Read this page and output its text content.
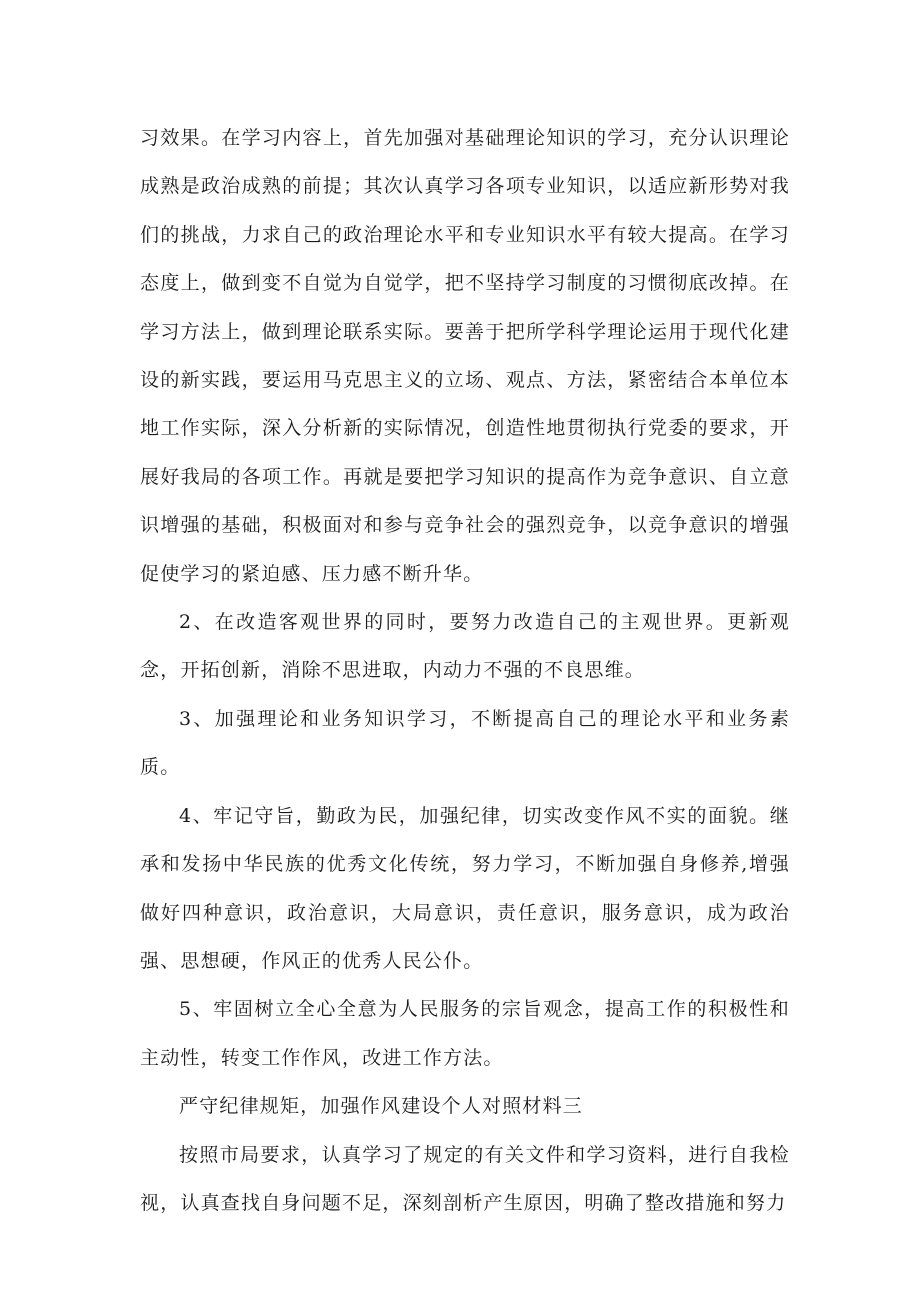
习效果。在学习内容上，首先加强对基础理论知识的学习，充分认识理论成熟是政治成熟的前提；其次认真学习各项专业知识，以适应新形势对我们的挑战，力求自己的政治理论水平和专业知识水平有较大提高。在学习态度上，做到变不自觉为自觉学，把不坚持学习制度的习惯彻底改掉。在学习方法上，做到理论联系实际。要善于把所学科学理论运用于现代化建设的新实践，要运用马克思主义的立场、观点、方法，紧密结合本单位本地工作实际，深入分析新的实际情况，创造性地贯彻执行党委的要求，开展好我局的各项工作。再就是要把学习知识的提高作为竞争意识、自立意识增强的基础，积极面对和参与竞争社会的强烈竞争，以竞争意识的增强促使学习的紧迫感、压力感不断升华。

2、在改造客观世界的同时，要努力改造自己的主观世界。更新观念，开拓创新，消除不思进取，内动力不强的不良思维。

3、加强理论和业务知识学习，不断提高自己的理论水平和业务素质。

4、牢记守旨，勤政为民，加强纪律，切实改变作风不实的面貌。继承和发扬中华民族的优秀文化传统，努力学习，不断加强自身修养,增强做好四种意识，政治意识，大局意识，责任意识，服务意识，成为政治强、思想硬，作风正的优秀人民公仆。

5、牢固树立全心全意为人民服务的宗旨观念，提高工作的积极性和主动性，转变工作作风，改进工作方法。

严守纪律规矩，加强作风建设个人对照材料三

按照市局要求，认真学习了规定的有关文件和学习资料，进行自我检视，认真查找自身问题不足，深刻剖析产生原因，明确了整改措施和努力
